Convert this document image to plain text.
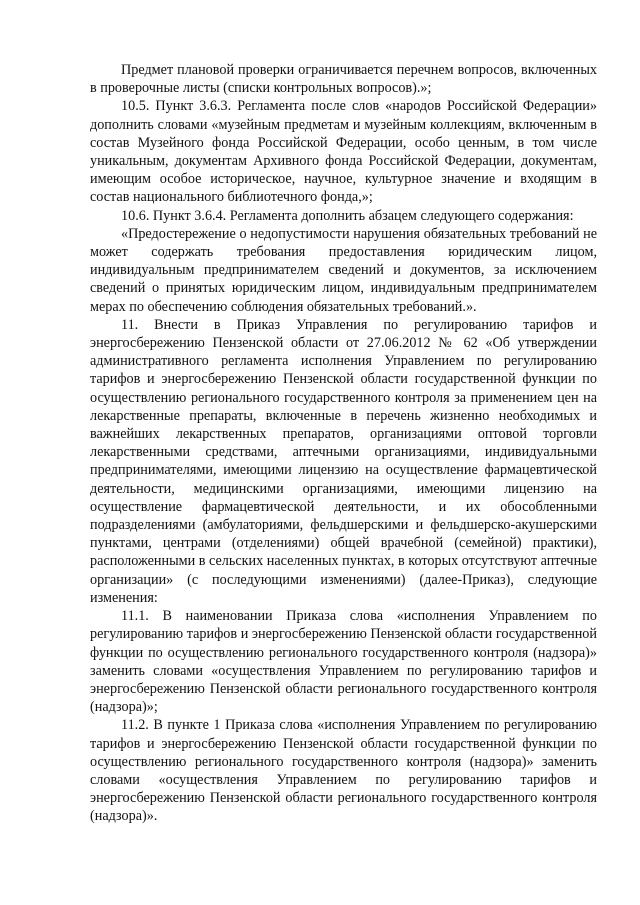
Предмет плановой проверки ограничивается перечнем вопросов, включенных в проверочные листы (списки контрольных вопросов).»;

10.5. Пункт 3.6.3. Регламента после слов «народов Российской Федерации» дополнить словами «музейным предметам и музейным коллекциям, включенным в состав Музейного фонда Российской Федерации, особо ценным, в том числе уникальным, документам Архивного фонда Российской Федерации, документам, имеющим особое историческое, научное, культурное значение и входящим в состав национального библиотечного фонда,»;

10.6. Пункт 3.6.4. Регламента дополнить абзацем следующего содержания:

«Предостережение о недопустимости нарушения обязательных требований не может содержать требования предоставления юридическим лицом, индивидуальным предпринимателем сведений и документов, за исключением сведений о принятых юридическим лицом, индивидуальным предпринимателем мерах по обеспечению соблюдения обязательных требований.».

11. Внести в Приказ Управления по регулированию тарифов и энергосбережению Пензенской области от 27.06.2012 № 62 «Об утверждении административного регламента исполнения Управлением по регулированию тарифов и энергосбережению Пензенской области государственной функции по осуществлению регионального государственного контроля за применением цен на лекарственные препараты, включенные в перечень жизненно необходимых и важнейших лекарственных препаратов, организациями оптовой торговли лекарственными средствами, аптечными организациями, индивидуальными предпринимателями, имеющими лицензию на осуществление фармацевтической деятельности, медицинскими организациями, имеющими лицензию на осуществление фармацевтической деятельности, и их обособленными подразделениями (амбулаториями, фельдшерскими и фельдшерско-акушерскими пунктами, центрами (отделениями) общей врачебной (семейной) практики), расположенными в сельских населенных пунктах, в которых отсутствуют аптечные организации» (с последующими изменениями) (далее-Приказ), следующие изменения:

11.1. В наименовании Приказа слова «исполнения Управлением по регулированию тарифов и энергосбережению Пензенской области государственной функции по осуществлению регионального государственного контроля (надзора)» заменить словами «осуществления Управлением по регулированию тарифов и энергосбережению Пензенской области регионального государственного контроля (надзора)»;

11.2. В пункте 1 Приказа слова «исполнения Управлением по регулированию тарифов и энергосбережению Пензенской области государственной функции по осуществлению регионального государственного контроля (надзора)» заменить словами «осуществления Управлением по регулированию тарифов и энергосбережению Пензенской области регионального государственного контроля (надзора)».
